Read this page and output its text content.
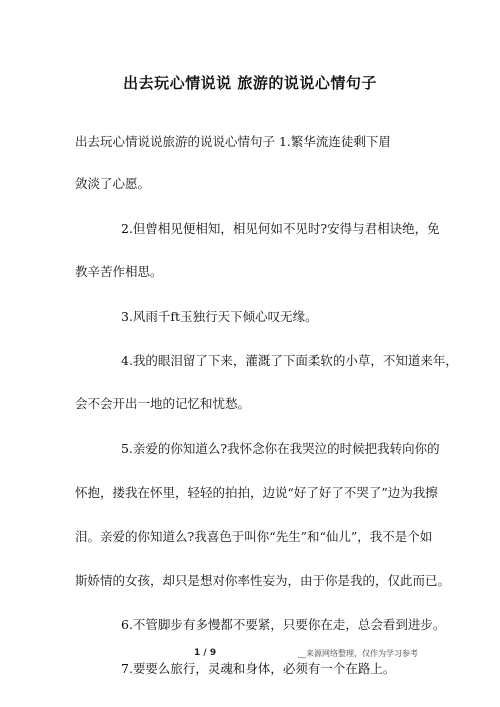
出去玩心情说说 旅游的说说心情句子
出去玩心情说说旅游的说说心情句子 1.繁华流连徒剩下眉
敛淡了心愿。
2.但曾相见便相知，相见何如不见时?安得与君相诀绝，免
教辛苦作相思。
3.风雨千ft玉独行天下倾心叹无缘。
4.我的眼泪留了下来，灌溉了下面柔软的小草，不知道来年，
会不会开出一地的记忆和忧愁。
5.亲爱的你知道么?我怀念你在我哭泣的时候把我转向你的
怀抱，搂我在怀里，轻轻的拍拍，边说“好了好了不哭了”边为我擦
泪。亲爱的你知道么?我喜色于叫你“先生”和“仙儿”，我不是个如
斯娇情的女孩，却只是想对你率性妄为，由于你是我的，仅此而已。
6.不管脚步有多慢都不要紧，只要你在走，总会看到进步。
7.要要么旅行，灵魂和身体，必须有一个在路上。
1 / 9	__来源网络整理，仅作为学习参考
